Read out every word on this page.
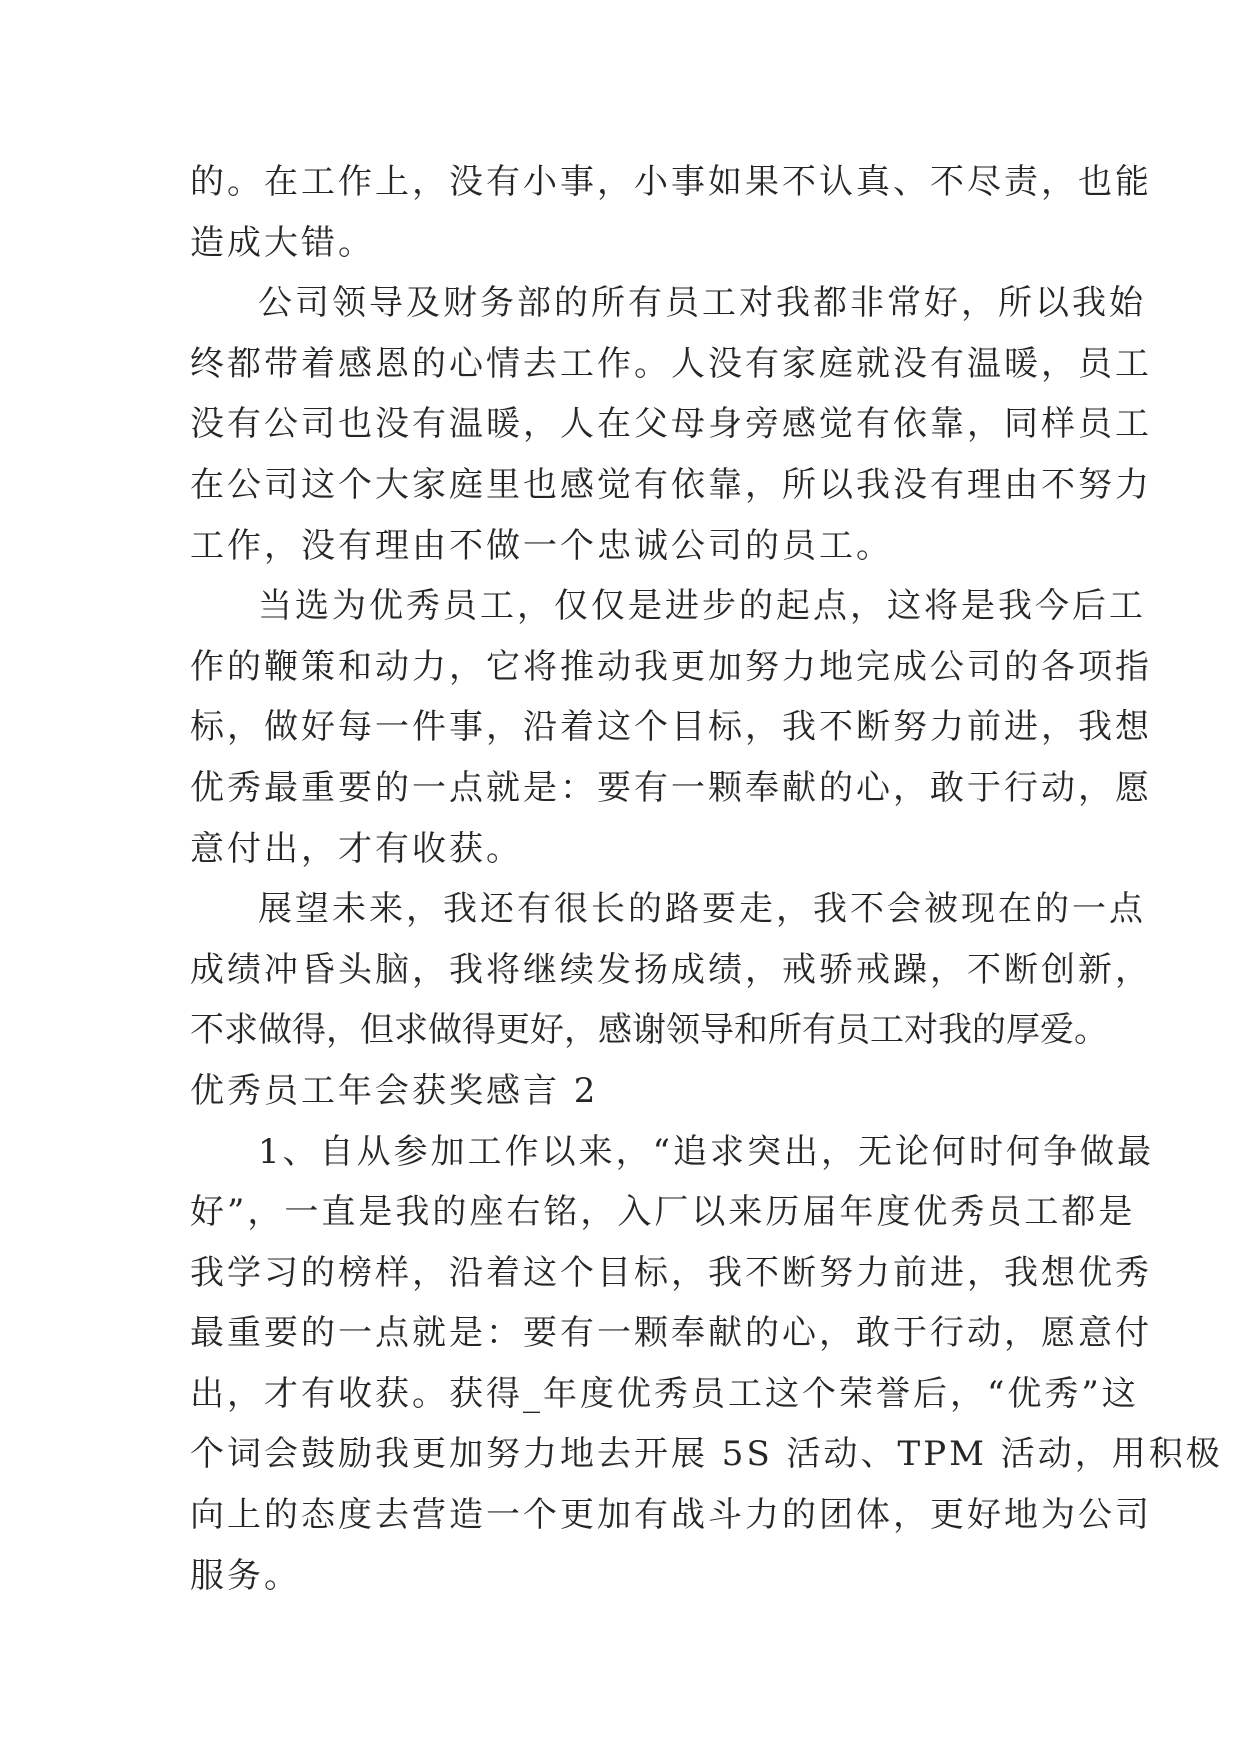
的。在工作上，没有小事，小事如果不认真、不尽责，也能
造成大错。
公司领导及财务部的所有员工对我都非常好，所以我始
终都带着感恩的心情去工作。人没有家庭就没有温暖，员工
没有公司也没有温暖，人在父母身旁感觉有依靠，同样员工
在公司这个大家庭里也感觉有依靠，所以我没有理由不努力
工作，没有理由不做一个忠诚公司的员工。
当选为优秀员工，仅仅是进步的起点，这将是我今后工
作的鞭策和动力，它将推动我更加努力地完成公司的各项指
标，做好每一件事，沿着这个目标，我不断努力前进，我想
优秀最重要的一点就是：要有一颗奉献的心，敢于行动，愿
意付出，才有收获。
展望未来，我还有很长的路要走，我不会被现在的一点
成绩冲昏头脑，我将继续发扬成绩，戒骄戒躁，不断创新，
不求做得，但求做得更好，感谢领导和所有员工对我的厚爱。
优秀员工年会获奖感言 2
1、自从参加工作以来，“追求突出，无论何时何争做最
好”，一直是我的座右铭，入厂以来历届年度优秀员工都是
我学习的榜样，沿着这个目标，我不断努力前进，我想优秀
最重要的一点就是：要有一颗奉献的心，敢于行动，愿意付
出，才有收获。获得_年度优秀员工这个荣誉后，“优秀”这
个词会鼓励我更加努力地去开展 5S 活动、TPM 活动，用积极
向上的态度去营造一个更加有战斗力的团体，更好地为公司
服务。
